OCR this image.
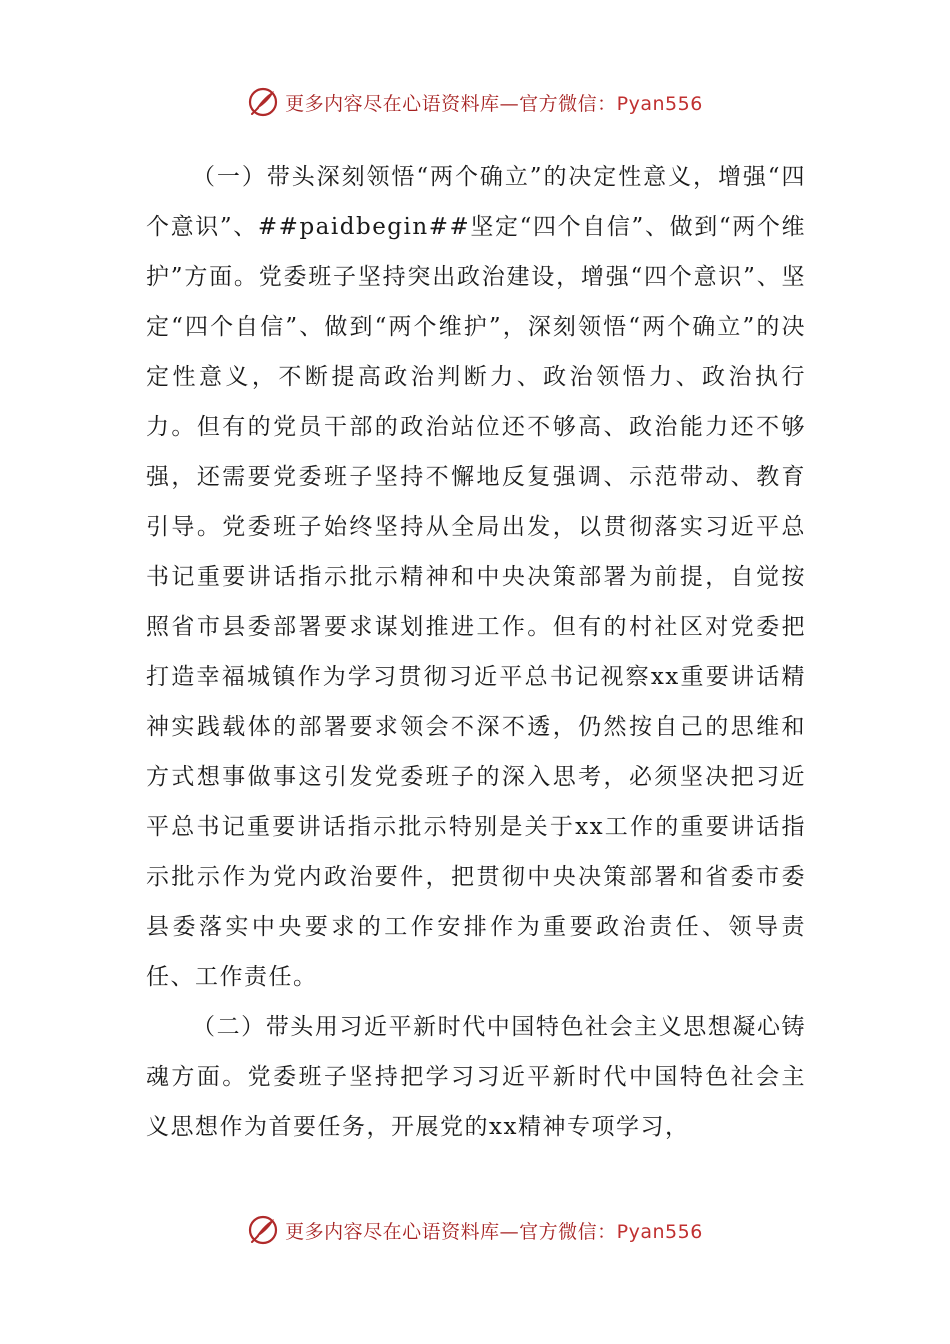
更多内容尽在心语资料库—官方微信：Pyan556

（一）带头深刻领悟“两个确立”的决定性意义，增强“四个意识”、##paidbegin##坚定“四个自信”、做到“两个维护”方面。党委班子坚持突出政治建设，增强“四个意识”、坚定“四个自信”、做到“两个维护”，深刻领悟“两个确立”的决定性意义，不断提高政治判断力、政治领悟力、政治执行力。但有的党员干部的政治站位还不够高、政治能力还不够强，还需要党委班子坚持不懈地反复强调、示范带动、教育引导。党委班子始终坚持从全局出发，以贯彻落实习近平总书记重要讲话指示批示精神和中央决策部署为前提，自觉按照省市县委部署要求谋划推进工作。但有的村社区对党委把打造幸福城镇作为学习贯彻习近平总书记视察xx重要讲话精神实践载体的部署要求领会不深不透，仍然按自己的思维和方式想事做事这引发党委班子的深入思考，必须坚决把习近平总书记重要讲话指示批示特别是关于xx工作的重要讲话指示批示作为党内政治要件，把贯彻中央决策部署和省委市委县委落实中央要求的工作安排作为重要政治责任、领导责任、工作责任。

（二）带头用习近平新时代中国特色社会主义思想凝心铸魂方面。党委班子坚持把学习习近平新时代中国特色社会主义思想作为首要任务，开展党的xx精神专项学习，

更多内容尽在心语资料库—官方微信：Pyan556
